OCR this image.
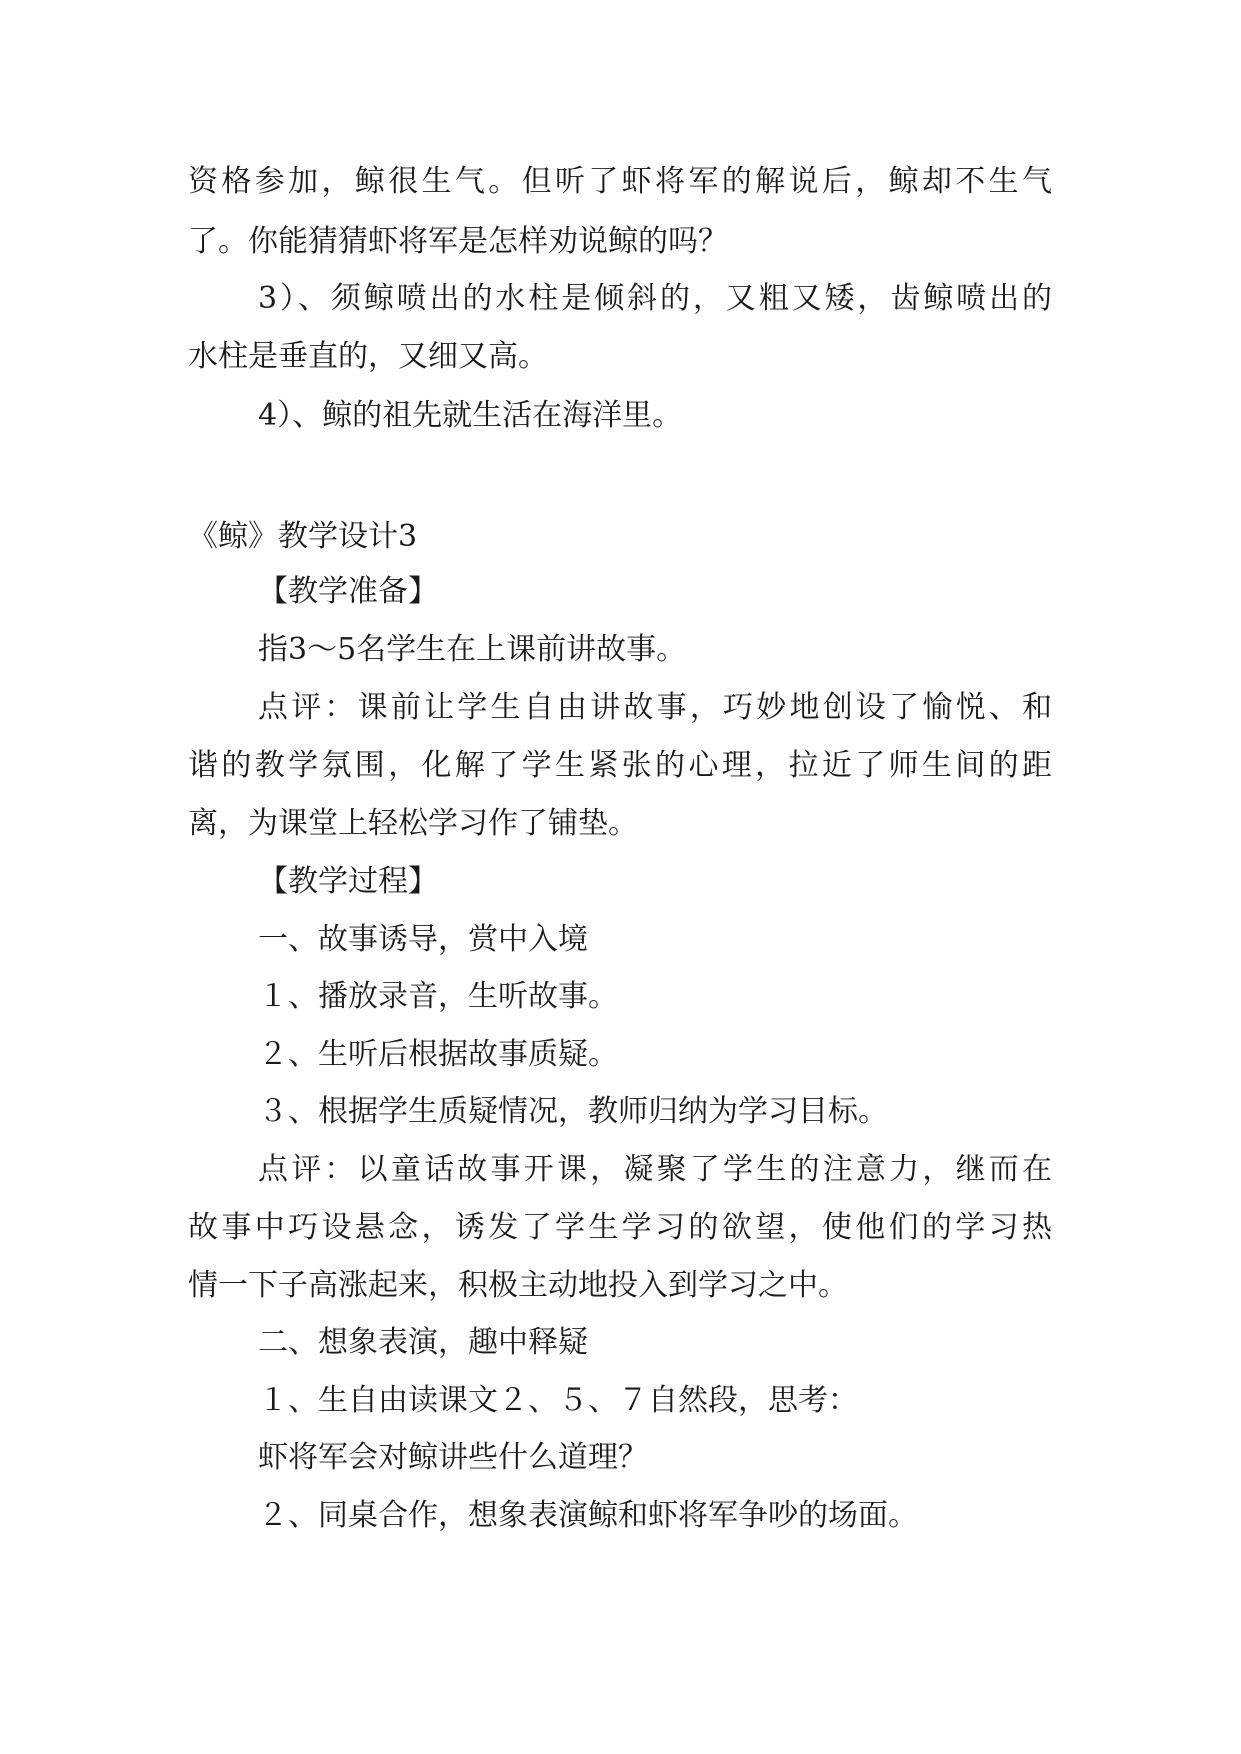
资格参加，鲸很生气。但听了虾将军的解说后，鲸却不生气
了。你能猜猜虾将军是怎样劝说鲸的吗？
3）、须鲸喷出的水柱是倾斜的，又粗又矮，齿鲸喷出的
水柱是垂直的，又细又高。
4）、鲸的祖先就生活在海洋里。
《鲸》教学设计3
【教学准备】
指3～5名学生在上课前讲故事。
点评：课前让学生自由讲故事，巧妙地创设了愉悦、和
谐的教学氛围，化解了学生紧张的心理，拉近了师生间的距
离，为课堂上轻松学习作了铺垫。
【教学过程】
一、故事诱导，赏中入境
１、播放录音，生听故事。
２、生听后根据故事质疑。
３、根据学生质疑情况，教师归纳为学习目标。
点评：以童话故事开课，凝聚了学生的注意力，继而在
故事中巧设悬念，诱发了学生学习的欲望，使他们的学习热
情一下子高涨起来，积极主动地投入到学习之中。
二、想象表演，趣中释疑
１、生自由读课文２、５、７自然段，思考：
虾将军会对鲸讲些什么道理？
２、同桌合作，想象表演鲸和虾将军争吵的场面。
